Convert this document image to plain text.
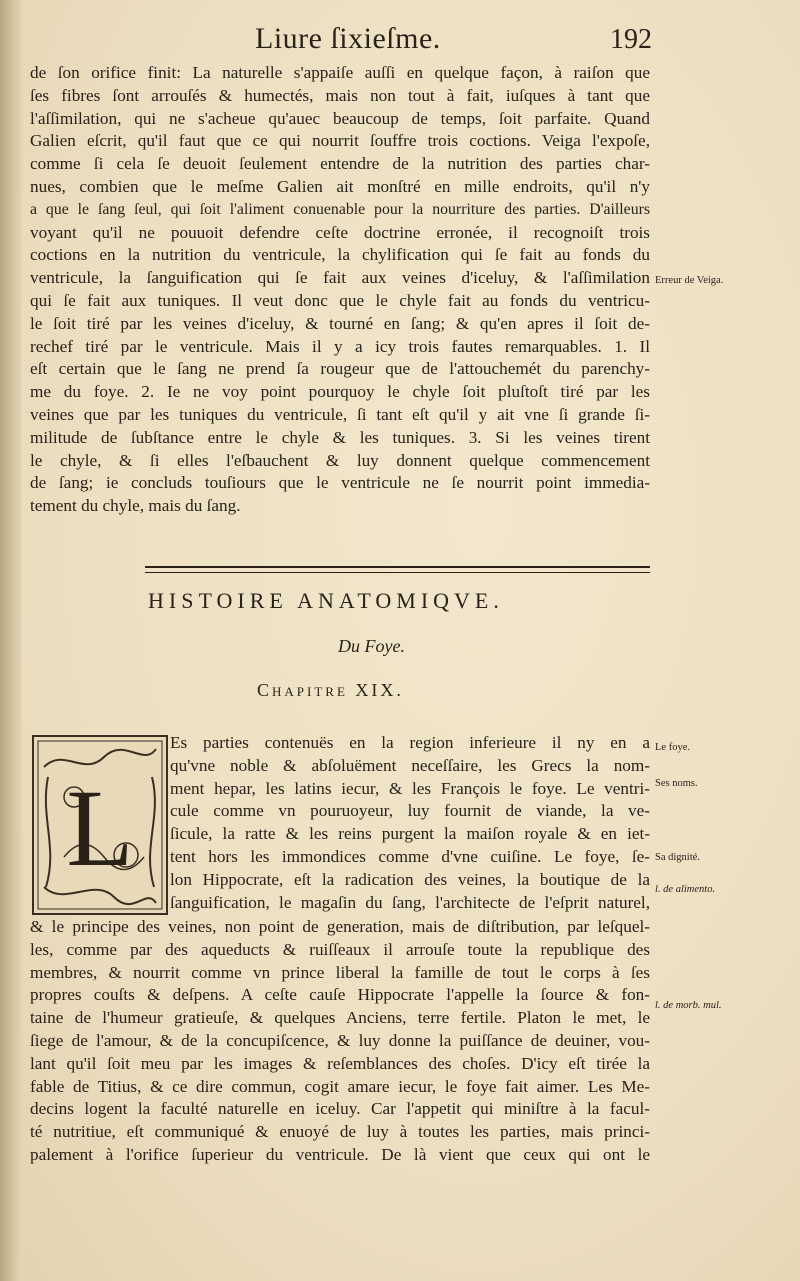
Liure ſixieſme.	192
de ſon orifice finit: La naturelle s'appaiſe auſſi en quelque façon, à raiſon que
ſes fibres ſont arrouſés & humectés, mais non tout à fait, iuſques à tant que
l'aſſimilation, qui ne s'acheue qu'auec beaucoup de temps, ſoit parfaite. Quand
Galien eſcrit, qu'il faut que ce qui nourrit ſouffre trois coctions. Veiga l'expoſe,
comme ſi cela ſe deuoit ſeulement entendre de la nutrition des parties char-
nues, combien que le meſme Galien ait monſtré en mille endroits, qu'il n'y
a que le ſang ſeul, qui ſoit l'aliment conuenable pour la nourriture des parties. D'ailleurs
voyant qu'il ne pouuoit defendre ceſte doctrine erronée, il recognoiſt trois
coctions en la nutrition du ventricule, la chylification qui ſe fait au fonds du
ventricule, la ſanguification qui ſe fait aux veines d'iceluy, & l'aſſimilation
qui ſe fait aux tuniques. Il veut donc que le chyle fait au fonds du ventricu-
le ſoit tiré par les veines d'iceluy, & tourné en ſang; & qu'en apres il ſoit de-
rechef tiré par le ventricule. Mais il y a icy trois fautes remarquables. 1. Il
eſt certain que le ſang ne prend ſa rougeur que de l'attouchemét du parenchy-
me du foye. 2. Ie ne voy point pourquoy le chyle ſoit pluſtoſt tiré par les
veines que par les tuniques du ventricule, ſi tant eſt qu'il y ait vne ſi grande ſi-
militude de ſubſtance entre le chyle & les tuniques. 3. Si les veines tirent
le chyle, & ſi elles l'eſbauchent & luy donnent quelque commencement
de ſang; ie concluds touſiours que le ventricule ne ſe nourrit point immedia-
tement du chyle, mais du ſang.
HISTOIRE ANATOMIQVE.
Du Foye.
Chapitre XIX.
L
Es parties contenuës en la region inferieure il ny en a
qu'vne noble & abſoluëment neceſſaire, les Grecs la nom-
ment hepar, les latins iecur, & les François le foye. Le ventri-
cule comme vn pouruoyeur, luy fournit de viande, la ve-
ſicule, la ratte & les reins purgent la maiſon royale & en iet-
tent hors les immondices comme d'vne cuiſine. Le foye, ſe-
lon Hippocrate, eſt la radication des veines, la boutique de la
ſanguification, le magaſin du ſang, l'architecte de l'eſprit naturel,
& le principe des veines, non point de generation, mais de diſtribution, par leſquel-
les, comme par des aqueducts & ruiſſeaux il arrouſe toute la republique des
membres, & nourrit comme vn prince liberal la famille de tout le corps à ſes
propres couſts & deſpens. A ceſte cauſe Hippocrate l'appelle la ſource & fon-
taine de l'humeur gratieuſe, & quelques Anciens, terre fertile. Platon le met, le
ſiege de l'amour, & de la concupiſcence, & luy donne la puiſſance de deuiner, vou-
lant qu'il ſoit meu par les images & reſemblances des choſes. D'icy eſt tirée la
fable de Titius, & ce dire commun, cogit amare iecur, le foye fait aimer. Les Me-
decins logent la faculté naturelle en iceluy. Car l'appetit qui miniſtre à la facul-
té nutritiue, eſt communiqué & enuoyé de luy à toutes les parties, mais princi-
palement à l'orifice ſuperieur du ventricule. De là vient que ceux qui ont le
Erreur de Veiga.
Le foye.
Ses noms.
Sa dignité.
l. de alimento.
l. de morb. mul.
